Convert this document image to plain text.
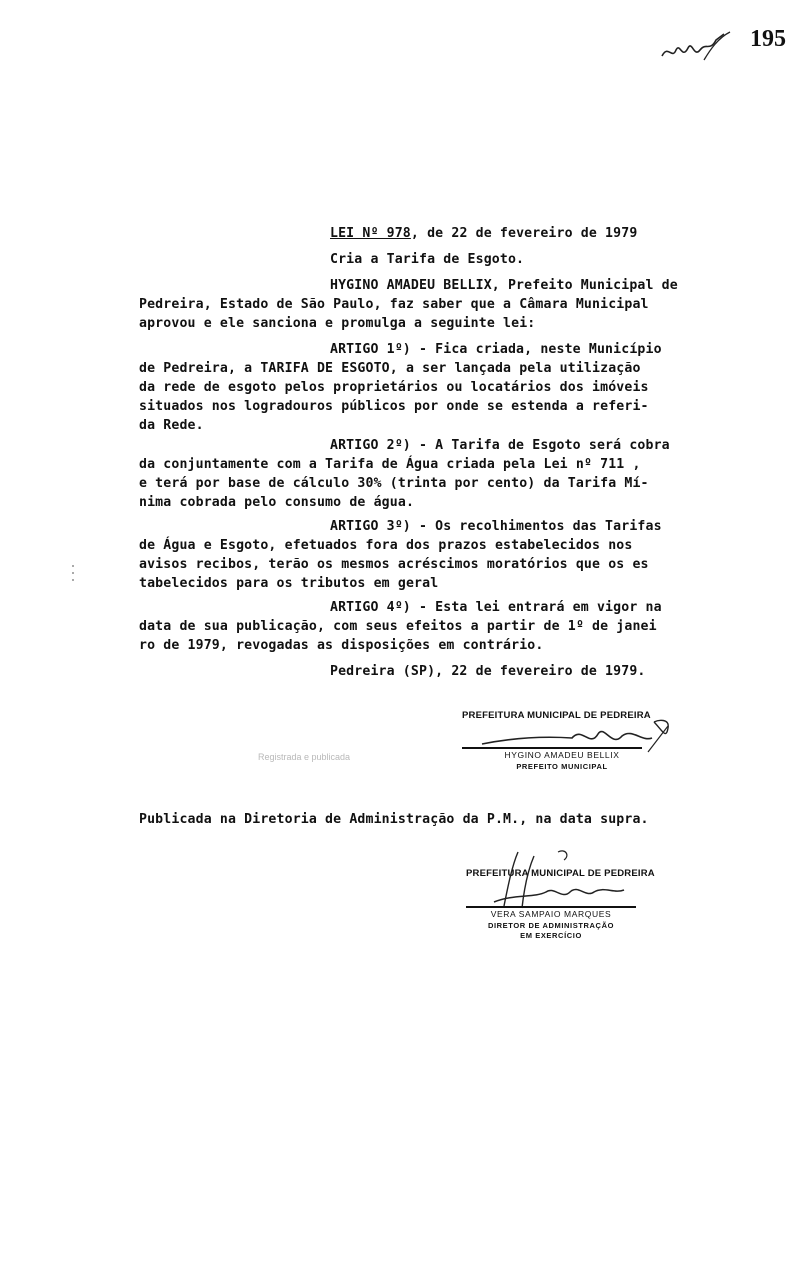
195
LEI Nº 978, de 22 de fevereiro de 1979
Cria a Tarifa de Esgoto.
HYGINO AMADEU BELLIX, Prefeito Municipal de
Pedreira, Estado de São Paulo, faz saber que a Câmara Municipal
aprovou e ele sanciona e promulga a seguinte lei:
ARTIGO 1º) - Fica criada, neste Município
de Pedreira, a TARIFA DE ESGOTO, a ser lançada pela utilização
da rede de esgoto pelos proprietários ou locatários dos imóveis
situados nos logradouros públicos por onde se estenda a referi-
da Rede.
ARTIGO 2º) - A Tarifa de Esgoto será cobra
da conjuntamente com a Tarifa de Água criada pela Lei nº 711 ,
e terá por base de cálculo 30% (trinta por cento) da Tarifa Mí-
nima cobrada pelo consumo de água.
ARTIGO 3º) - Os recolhimentos das Tarifas
de Água e Esgoto, efetuados fora dos prazos estabelecidos nos
avisos recibos, terão os mesmos acréscimos moratórios que os es
tabelecidos para os tributos em geral
ARTIGO 4º) - Esta lei entrará em vigor na
data de sua publicação, com seus efeitos a partir de 1º de janei
ro de 1979, revogadas as disposições em contrário.
Pedreira (SP), 22 de fevereiro de 1979.
PREFEITURA MUNICIPAL DE PEDREIRA
HYGINO AMADEU BELLIX
PREFEITO MUNICIPAL
Registrada e publicada
Publicada na Diretoria de Administração da P.M., na data supra.
PREFEITURA MUNICIPAL DE PEDREIRA
VERA SAMPAIO MARQUES
DIRETOR DE ADMINISTRAÇÃO
EM EXERCÍCIO
